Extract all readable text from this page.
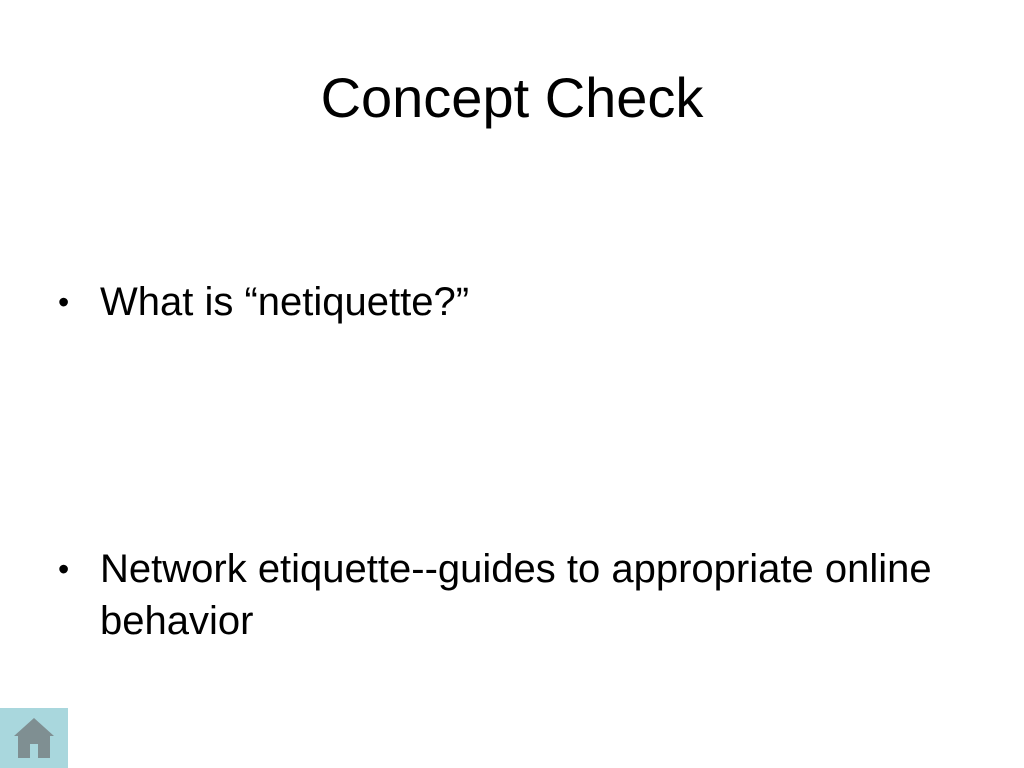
Concept Check
• What is “netiquette?”
• Network etiquette--guides to appropriate online behavior
